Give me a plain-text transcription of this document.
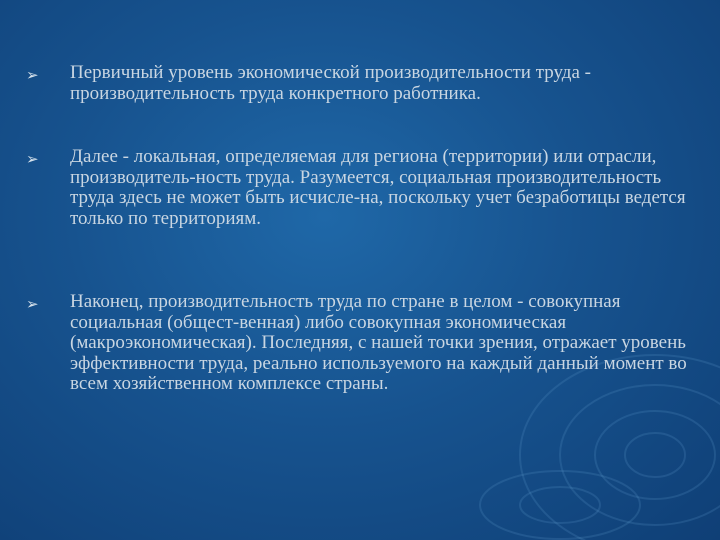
➢ Первичный уровень экономической производительности труда - производительность труда конкретного работника.
➢ Далее - локальная, определяемая для региона (территории) или отрасли, производитель-ность труда. Разумеется, социальная производительность труда здесь не может быть исчисле-на, поскольку учет безработицы ведется только по территориям.
➢ Наконец, производительность труда по стране в целом - совокупная социальная (общест-венная) либо совокупная экономическая (макроэкономическая). Последняя, с нашей точки зрения, отражает уровень эффективности труда, реально используемого на каждый данный момент во всем хозяйственном комплексе страны.
